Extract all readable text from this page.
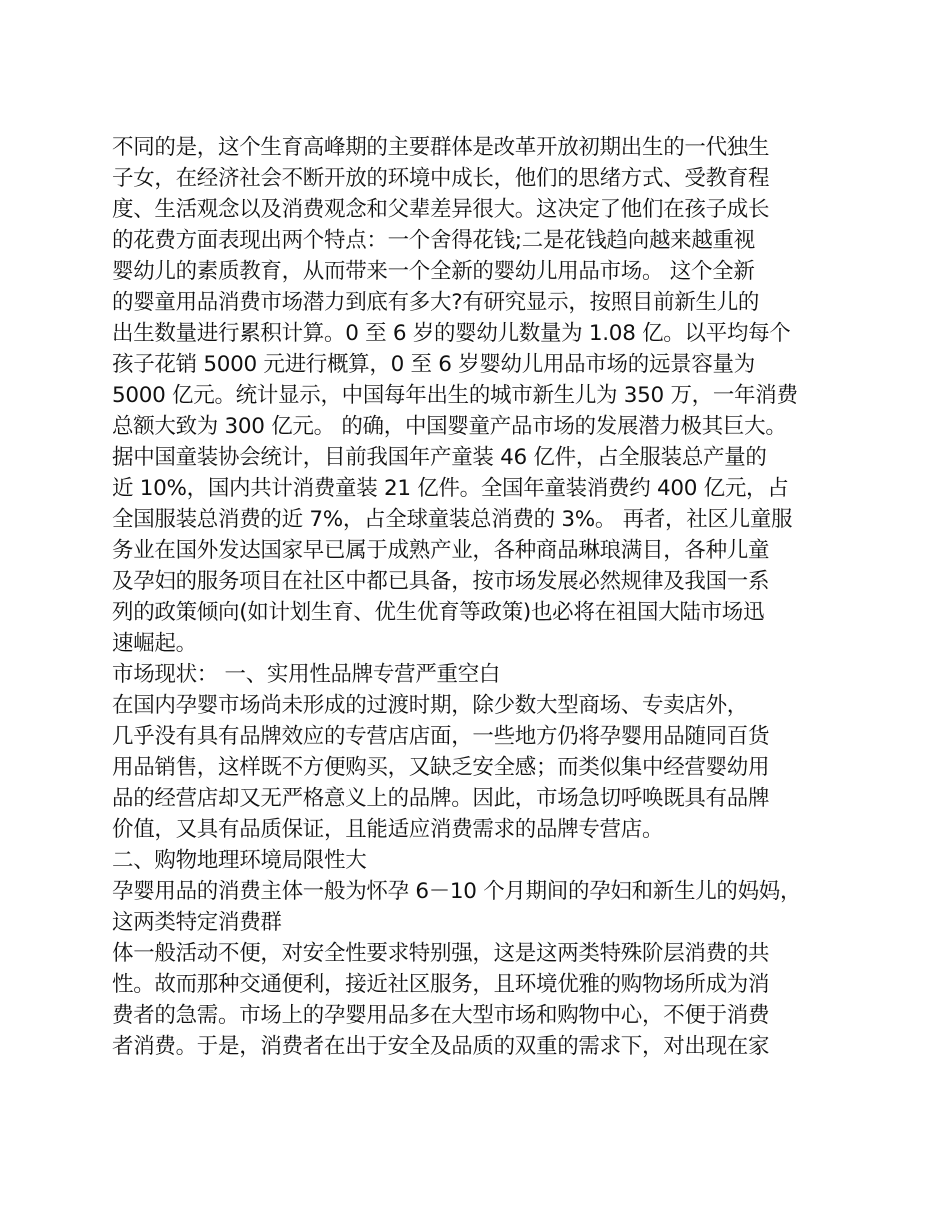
不同的是，这个生育高峰期的主要群体是改革开放初期出生的一代独生
子女，在经济社会不断开放的环境中成长，他们的思绪方式、受教育程
度、生活观念以及消费观念和父辈差异很大。这决定了他们在孩子成长
的花费方面表现出两个特点：一个舍得花钱;二是花钱趋向越来越重视
婴幼儿的素质教育，从而带来一个全新的婴幼儿用品市场。 这个全新
的婴童用品消费市场潜力到底有多大?有研究显示，按照目前新生儿的
出生数量进行累积计算。0 至 6 岁的婴幼儿数量为 1.08 亿。以平均每个
孩子花销 5000 元进行概算，0 至 6 岁婴幼儿用品市场的远景容量为
5000 亿元。统计显示，中国每年出生的城市新生儿为 350 万，一年消费
总额大致为 300 亿元。 的确，中国婴童产品市场的发展潜力极其巨大。
据中国童装协会统计，目前我国年产童装 46 亿件，占全服装总产量的
近 10%，国内共计消费童装 21 亿件。全国年童装消费约 400 亿元，占
全国服装总消费的近 7%，占全球童装总消费的 3%。 再者，社区儿童服
务业在国外发达国家早已属于成熟产业，各种商品琳琅满目，各种儿童
及孕妇的服务项目在社区中都已具备，按市场发展必然规律及我国一系
列的政策倾向(如计划生育、优生优育等政策)也必将在祖国大陆市场迅
速崛起。
市场现状： 一、实用性品牌专营严重空白
在国内孕婴市场尚未形成的过渡时期，除少数大型商场、专卖店外，
几乎没有具有品牌效应的专营店店面，一些地方仍将孕婴用品随同百货
用品销售，这样既不方便购买，又缺乏安全感；而类似集中经营婴幼用
品的经营店却又无严格意义上的品牌。因此，市场急切呼唤既具有品牌
价值，又具有品质保证，且能适应消费需求的品牌专营店。
二、购物地理环境局限性大
孕婴用品的消费主体一般为怀孕 6－10 个月期间的孕妇和新生儿的妈妈，
这两类特定消费群
体一般活动不便，对安全性要求特别强，这是这两类特殊阶层消费的共
性。故而那种交通便利，接近社区服务，且环境优雅的购物场所成为消
费者的急需。市场上的孕婴用品多在大型市场和购物中心，不便于消费
者消费。于是，消费者在出于安全及品质的双重的需求下，对出现在家
